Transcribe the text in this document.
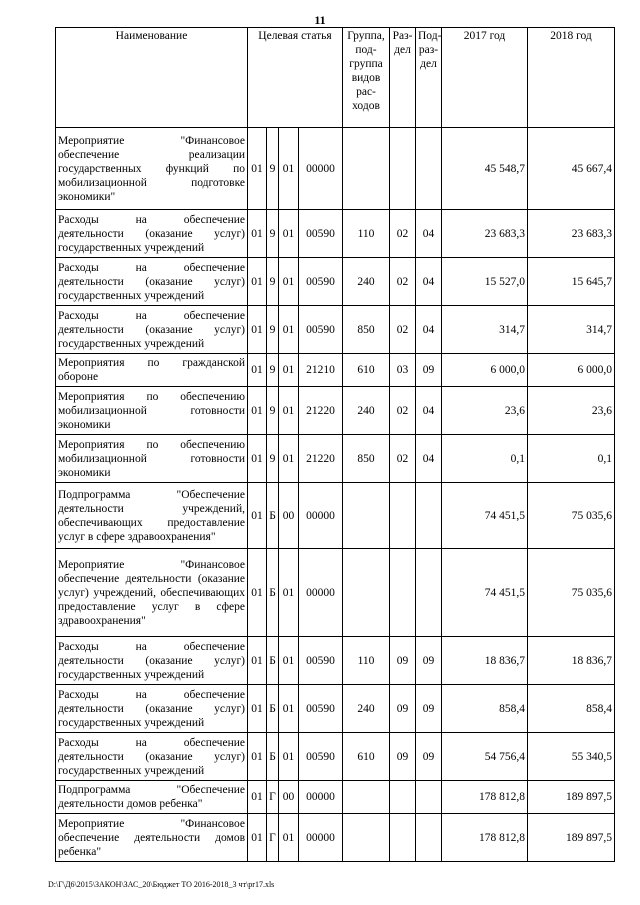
11
Наименование	Целевая статья				Группа, под-группа видов рас-ходов	Раз-дел	Под-раз-дел	2017 год	2018 год
Мероприятие "Финансовое обеспечение реализации государственных функций по мобилизационной подготовке экономики"	01	9	01	00000				45 548,7	45 667,4
Расходы на обеспечение деятельности (оказание услуг) государственных учреждений	01	9	01	00590	110	02	04	23 683,3	23 683,3
Расходы на обеспечение деятельности (оказание услуг) государственных учреждений	01	9	01	00590	240	02	04	15 527,0	15 645,7
Расходы на обеспечение деятельности (оказание услуг) государственных учреждений	01	9	01	00590	850	02	04	314,7	314,7
Мероприятия по гражданской обороне	01	9	01	21210	610	03	09	6 000,0	6 000,0
Мероприятия по обеспечению мобилизационной готовности экономики	01	9	01	21220	240	02	04	23,6	23,6
Мероприятия по обеспечению мобилизационной готовности экономики	01	9	01	21220	850	02	04	0,1	0,1
Подпрограмма "Обеспечение деятельности учреждений, обеспечивающих предоставление услуг в сфере здравоохранения"	01	Б	00	00000				74 451,5	75 035,6
Мероприятие "Финансовое обеспечение деятельности (оказание услуг) учреждений, обеспечивающих предоставление услуг в сфере здравоохранения"	01	Б	01	00000				74 451,5	75 035,6
Расходы на обеспечение деятельности (оказание услуг) государственных учреждений	01	Б	01	00590	110	09	09	18 836,7	18 836,7
Расходы на обеспечение деятельности (оказание услуг) государственных учреждений	01	Б	01	00590	240	09	09	858,4	858,4
Расходы на обеспечение деятельности (оказание услуг) государственных учреждений	01	Б	01	00590	610	09	09	54 756,4	55 340,5
Подпрограмма "Обеспечение деятельности домов ребенка"	01	Г	00	00000				178 812,8	189 897,5
Мероприятие "Финансовое обеспечение деятельности домов ребенка"	01	Г	01	00000				178 812,8	189 897,5
D:\Г\Д6\2015\ЗАКОН\ЗАС_20\Бюджет ТО 2016-2018_3 чт\pr17.xls
